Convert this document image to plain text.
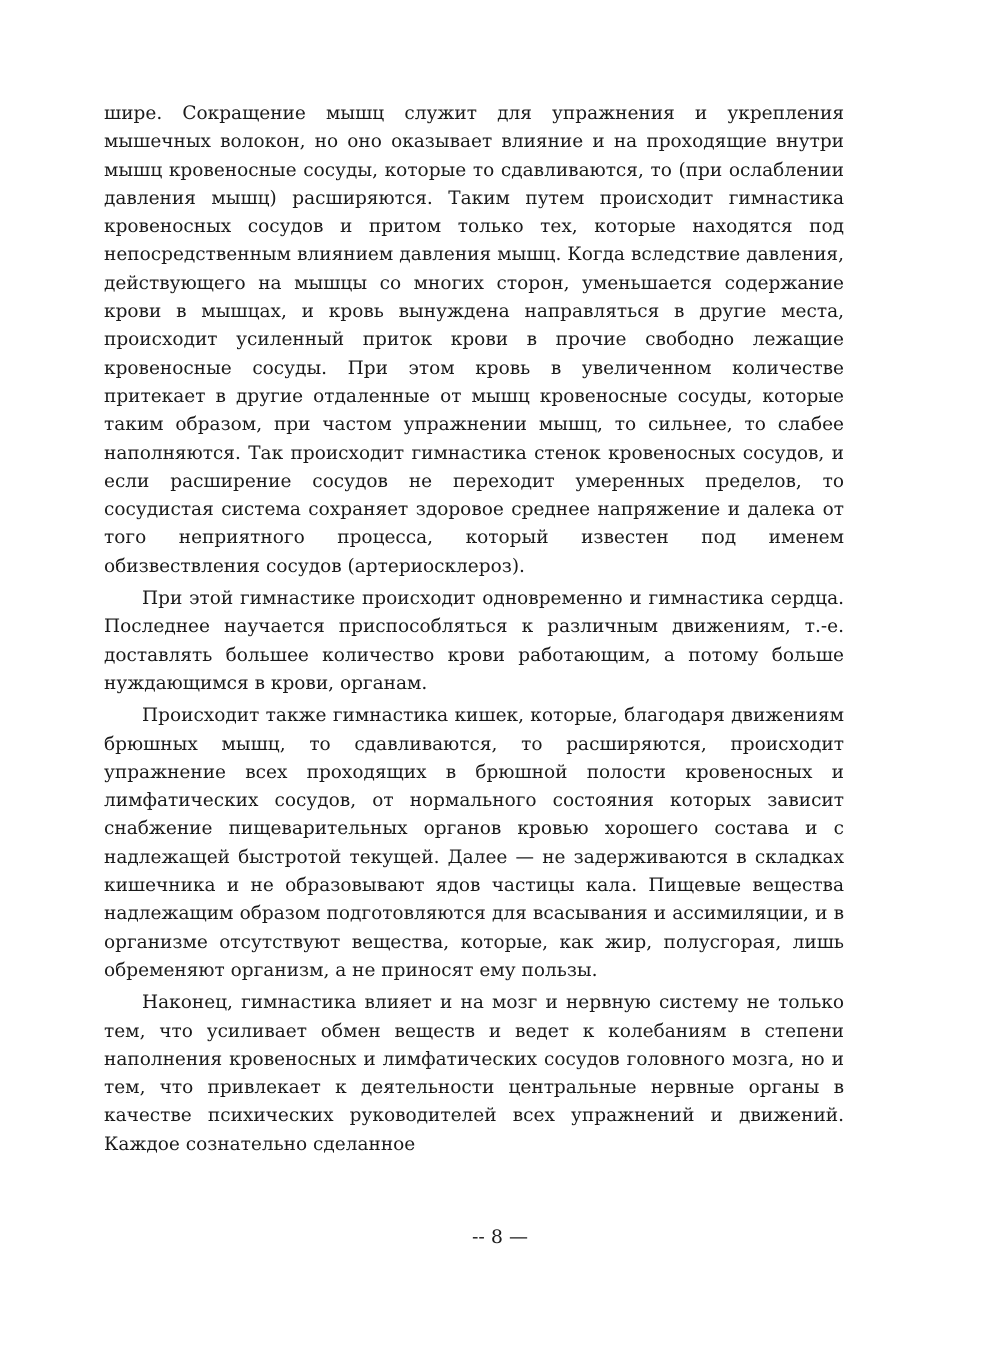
шире. Сокращение мышц служит для упражнения и укрепления мышечных волокон, но оно оказывает влияние и на проходящие внутри мышц кровеносные сосуды, которые то сдавливаются, то (при ослаблении давления мышц) расширяются. Таким путем происходит гимнастика кровеносных сосудов и притом только тех, которые находятся под непосредственным влиянием давления мышц. Когда вследствие давления, действующего на мышцы со многих сторон, уменьшается содержание крови в мышцах, и кровь вынуждена направляться в другие места, происходит усиленный приток крови в прочие свободно лежащие кровеносные сосуды. При этом кровь в увеличенном количестве притекает в другие отдаленные от мышц кровеносные сосуды, которые таким образом, при частом упражнении мышц, то сильнее, то слабее наполняются. Так происходит гимнастика стенок кровеносных сосудов, и если расширение сосудов не переходит умеренных пределов, то сосудистая система сохраняет здоровое среднее напряжение и далека от того неприятного процесса, который известен под именем обизвествления сосудов (артериосклероз).

При этой гимнастике происходит одновременно и гимнастика сердца. Последнее научается приспособляться к различным движениям, т.-е. доставлять большее количество крови работающим, а потому больше нуждающимся в крови, органам.

Происходит также гимнастика кишек, которые, благодаря движениям брюшных мышц, то сдавливаются, то расширяются, происходит упражнение всех проходящих в брюшной полости кровеносных и лимфатических сосудов, от нормального состояния которых зависит снабжение пищеварительных органов кровью хорошего состава и с надлежащей быстротой текущей. Далее — не задерживаются в складках кишечника и не образовывают ядов частицы кала. Пищевые вещества надлежащим образом подготовляются для всасывания и ассимиляции, и в организме отсутствуют вещества, которые, как жир, полусгорая, лишь обременяют организм, а не приносят ему пользы.

Наконец, гимнастика влияет и на мозг и нервную систему не только тем, что усиливает обмен веществ и ведет к колебаниям в степени наполнения кровеносных и лимфатических сосудов головного мозга, но и тем, что привлекает к деятельности центральные нервные органы в качестве психических руководителей всех упражнений и движений. Каждое сознательно сделанное

-- 8 —
